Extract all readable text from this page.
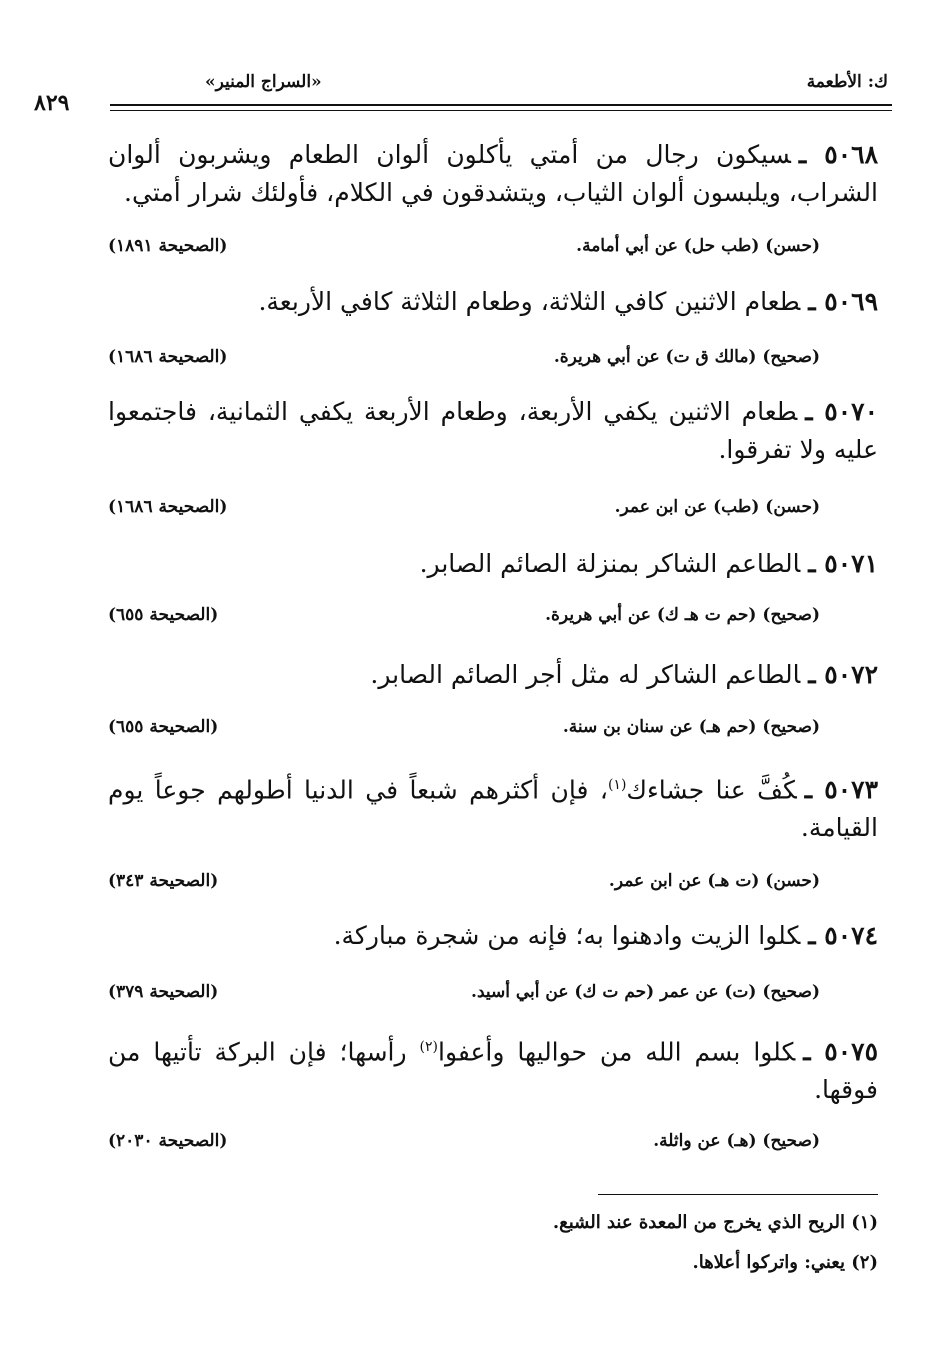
ك: الأطعمة
«السراج المنير»
٨٢٩
٥٠٦٨ ـسيكون رجال من أمتي يأكلون ألوان الطعام ويشربون ألوان الشراب، ويلبسون ألوان الثياب، ويتشدقون في الكلام، فأولئك شرار أمتي.
(حسن) (طب حل) عن أبي أمامة.
(الصحيحة ١٨٩١)
٥٠٦٩ ـطعام الاثنين كافي الثلاثة، وطعام الثلاثة كافي الأربعة.
(صحيح) (مالك ق ت) عن أبي هريرة.
(الصحيحة ١٦٨٦)
٥٠٧٠ ـطعام الاثنين يكفي الأربعة، وطعام الأربعة يكفي الثمانية، فاجتمعوا عليه ولا تفرقوا.
(حسن) (طب) عن ابن عمر.
(الصحيحة ١٦٨٦)
٥٠٧١ ـالطاعم الشاكر بمنزلة الصائم الصابر.
(صحيح) (حم ت هـ ك) عن أبي هريرة.
(الصحيحة ٦٥٥)
٥٠٧٢ ـالطاعم الشاكر له مثل أجر الصائم الصابر.
(صحيح) (حم هـ) عن سنان بن سنة.
(الصحيحة ٦٥٥)
٥٠٧٣ ـكُفَّ عنا جشاءك$^{(١)}$، فإن أكثرهم شبعاً في الدنيا أطولهم جوعاً يوم القيامة.
(حسن) (ت هـ) عن ابن عمر.
(الصحيحة ٣٤٣)
٥٠٧٤ ـكلوا الزيت وادهنوا به؛ فإنه من شجرة مباركة.
(صحيح) (ت) عن عمر (حم ت ك) عن أبي أسيد.
(الصحيحة ٣٧٩)
٥٠٧٥ ـكلوا بسم الله من حواليها وأعفوا$^{(٢)}$ رأسها؛ فإن البركة تأتيها من فوقها.
(صحيح) (هـ) عن واثلة.
(الصحيحة ٢٠٣٠)
(١) الريح الذي يخرج من المعدة عند الشبع.
(٢) يعني: واتركوا أعلاها.
